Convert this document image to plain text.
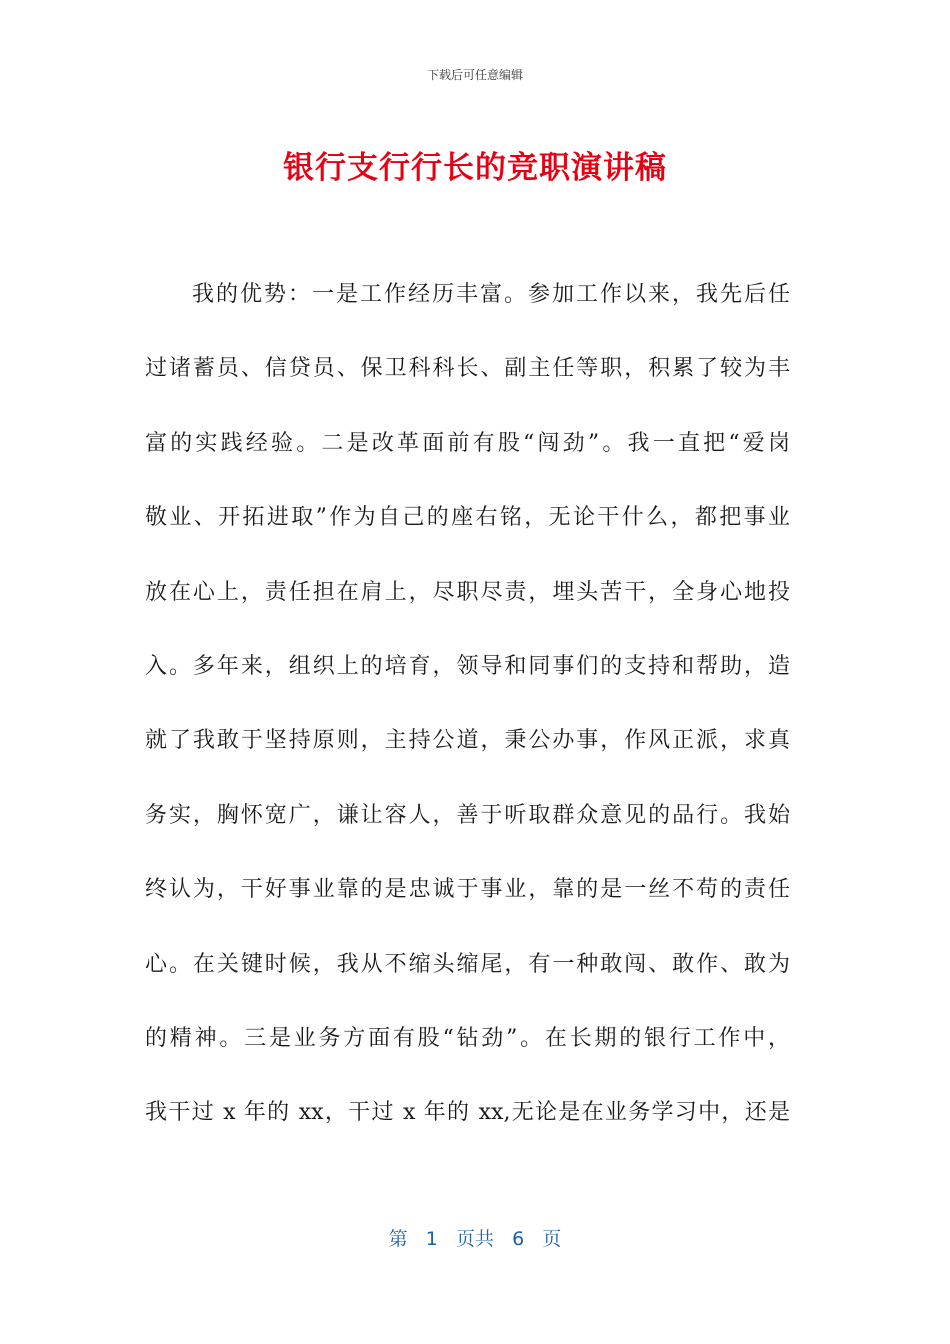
下载后可任意编辑
银行支行行长的竞职演讲稿
我的优势：一是工作经历丰富。参加工作以来，我先后任
过诸蓄员、信贷员、保卫科科长、副主任等职，积累了较为丰
富的实践经验。二是改革面前有股“闯劲”。我一直把“爱岗
敬业、开拓进取”作为自己的座右铭，无论干什么，都把事业
放在心上，责任担在肩上，尽职尽责，埋头苦干，全身心地投
入。多年来，组织上的培育，领导和同事们的支持和帮助，造
就了我敢于坚持原则，主持公道，秉公办事，作风正派，求真
务实，胸怀宽广，谦让容人，善于听取群众意见的品行。我始
终认为，干好事业靠的是忠诚于事业，靠的是一丝不苟的责任
心。在关键时候，我从不缩头缩尾，有一种敢闯、敢作、敢为
的精神。三是业务方面有股“钻劲”。在长期的银行工作中，
我干过 x 年的 xx，干过 x 年的 xx,无论是在业务学习中，还是
第 1 页共 6 页
